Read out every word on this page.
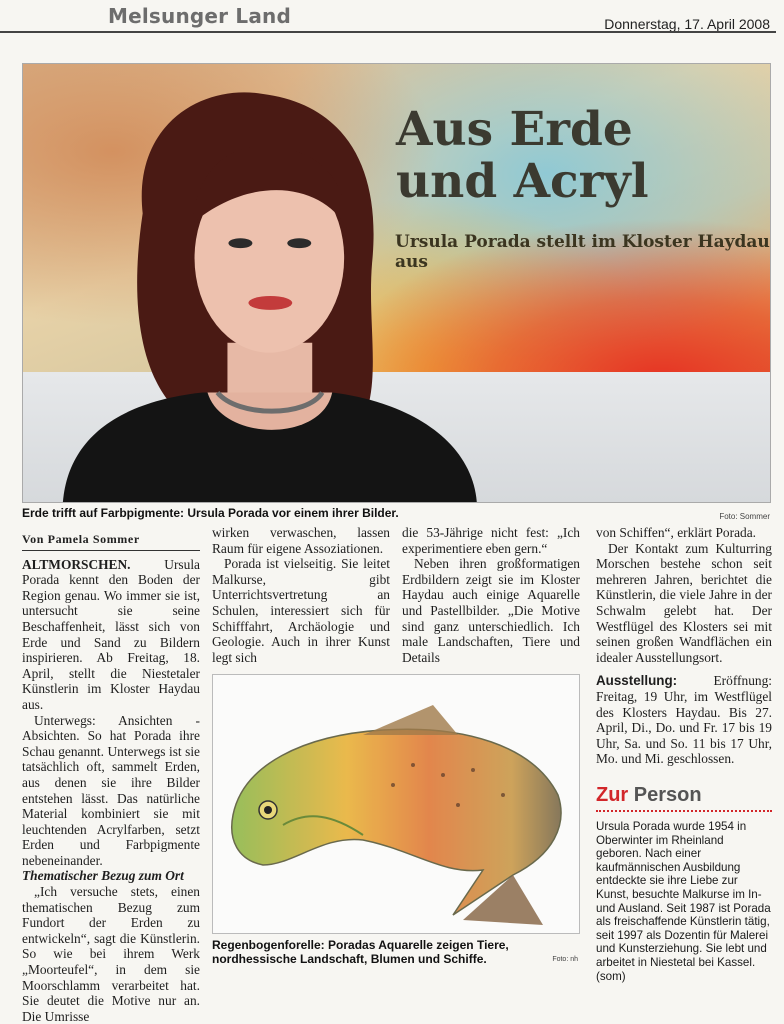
Melsunger Land	Donnerstag, 17. April 2008
Aus Erde
und Acryl
Ursula Porada stellt im Kloster Haydau aus
Erde trifft auf Farbpigmente: Ursula Porada vor einem ihrer Bilder.	Foto: Sommer
Von Pamela Sommer

ALTMORSCHEN.	Ursula Porada kennt den Boden der Region genau. Wo immer sie ist, untersucht sie seine Beschaffenheit, lässt sich von Erde und Sand zu Bildern inspirieren. Ab Freitag, 18. April, stellt die Niestetaler Künstlerin im Kloster Haydau aus.

Unterwegs: Ansichten - Absichten. So hat Porada ihre Schau genannt. Unterwegs ist sie tatsächlich oft, sammelt Erden, aus denen sie ihre Bilder entstehen lässt. Das natürliche Material kombiniert sie mit leuchtenden Acrylfarben, setzt Erden und Farbpigmente nebeneinander.

Thematischer Bezug zum Ort

„Ich versuche stets, einen thematischen Bezug zum Fundort der Erden zu entwickeln“, sagt die Künstlerin. So wie bei ihrem Werk „Moorteufel“, in dem sie Moorschlamm verarbeitet hat. Sie deutet die Motive nur an. Die Umrisse

wirken verwaschen, lassen Raum für eigene Assoziationen.

Porada ist vielseitig. Sie leitet Malkurse, gibt Unterrichtsvertretung an Schulen, interessiert sich für Schifffahrt, Archäologie und Geologie. Auch in ihrer Kunst legt sich

die 53-Jährige nicht fest: „Ich experimentiere eben gern.“

Neben ihren großformatigen Erdbildern zeigt sie im Kloster Haydau auch einige Aquarelle und Pastellbilder. „Die Motive sind ganz unterschiedlich. Ich male Landschaften, Tiere und Details

Regenbogenforelle: Poradas Aquarelle zeigen Tiere, nordhessische Landschaft, Blumen und Schiffe.	Foto: nh

von Schiffen“, erklärt Porada.

Der Kontakt zum Kulturring Morschen bestehe schon seit mehreren Jahren, berichtet die Künstlerin, die viele Jahre in der Schwalm gelebt hat. Der Westflügel des Klosters sei mit seinen großen Wandflächen ein idealer Ausstellungsort.

Ausstellung:	Eröffnung: Freitag, 19 Uhr, im Westflügel des Klosters Haydau. Bis 27. April, Di., Do. und Fr. 17 bis 19 Uhr, Sa. und So. 11 bis 17 Uhr, Mo. und Mi. geschlossen.

Zur Person
Ursula Porada wurde 1954 in Oberwinter im Rheinland geboren. Nach einer kaufmännischen Ausbildung entdeckte sie ihre Liebe zur Kunst, besuchte Malkurse im In- und Ausland. Seit 1987 ist Porada als freischaffende Künstlerin tätig, seit 1997 als Dozentin für Malerei und Kunsterziehung. Sie lebt und arbeitet in Niestetal bei Kassel. (som)
